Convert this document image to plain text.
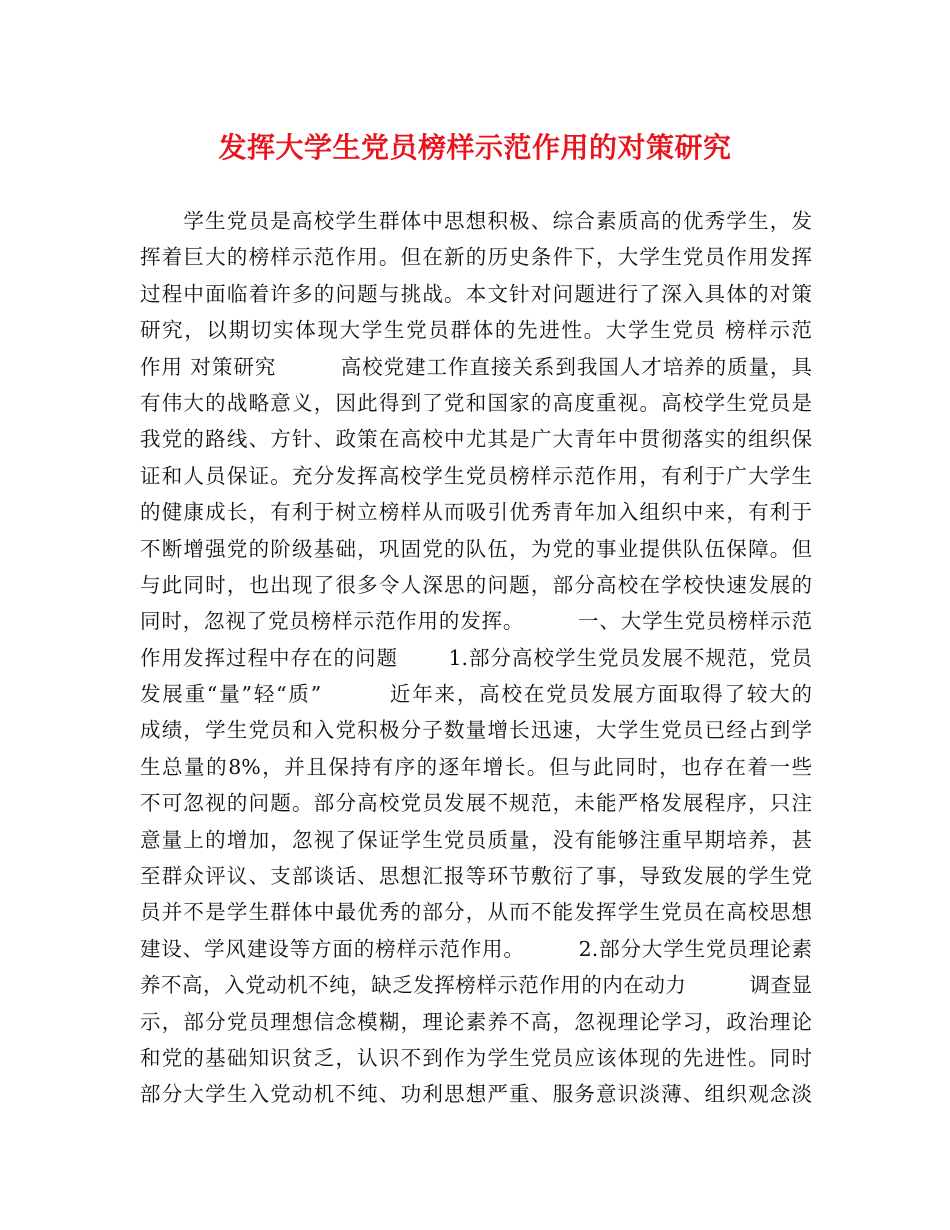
发挥大学生党员榜样示范作用的对策研究
　　学生党员是高校学生群体中思想积极、综合素质高的优秀学生，发
挥着巨大的榜样示范作用。但在新的历史条件下，大学生党员作用发挥
过程中面临着许多的问题与挑战。本文针对问题进行了深入具体的对策
研究，以期切实体现大学生党员群体的先进性。大学生党员 榜样示范
作用 对策研究　　　高校党建工作直接关系到我国人才培养的质量，具
有伟大的战略意义，因此得到了党和国家的高度重视。高校学生党员是
我党的路线、方针、政策在高校中尤其是广大青年中贯彻落实的组织保
证和人员保证。充分发挥高校学生党员榜样示范作用，有利于广大学生
的健康成长，有利于树立榜样从而吸引优秀青年加入组织中来，有利于
不断增强党的阶级基础，巩固党的队伍，为党的事业提供队伍保障。但
与此同时，也出现了很多令人深思的问题，部分高校在学校快速发展的
同时，忽视了党员榜样示范作用的发挥。　　　一、大学生党员榜样示范
作用发挥过程中存在的问题　　 1.部分高校学生党员发展不规范，党员
发展重“量”轻“质”　　　近年来，高校在党员发展方面取得了较大的
成绩，学生党员和入党积极分子数量增长迅速，大学生党员已经占到学
生总量的8%，并且保持有序的逐年增长。但与此同时，也存在着一些
不可忽视的问题。部分高校党员发展不规范，未能严格发展程序，只注
意量上的增加，忽视了保证学生党员质量，没有能够注重早期培养，甚
至群众评议、支部谈话、思想汇报等环节敷衍了事，导致发展的学生党
员并不是学生群体中最优秀的部分，从而不能发挥学生党员在高校思想
建设、学风建设等方面的榜样示范作用。　　　2.部分大学生党员理论素
养不高，入党动机不纯，缺乏发挥榜样示范作用的内在动力　　　调查显
示，部分党员理想信念模糊，理论素养不高，忽视理论学习，政治理论
和党的基础知识贫乏，认识不到作为学生党员应该体现的先进性。同时
部分大学生入党动机不纯、功利思想严重、服务意识淡薄、组织观念淡
